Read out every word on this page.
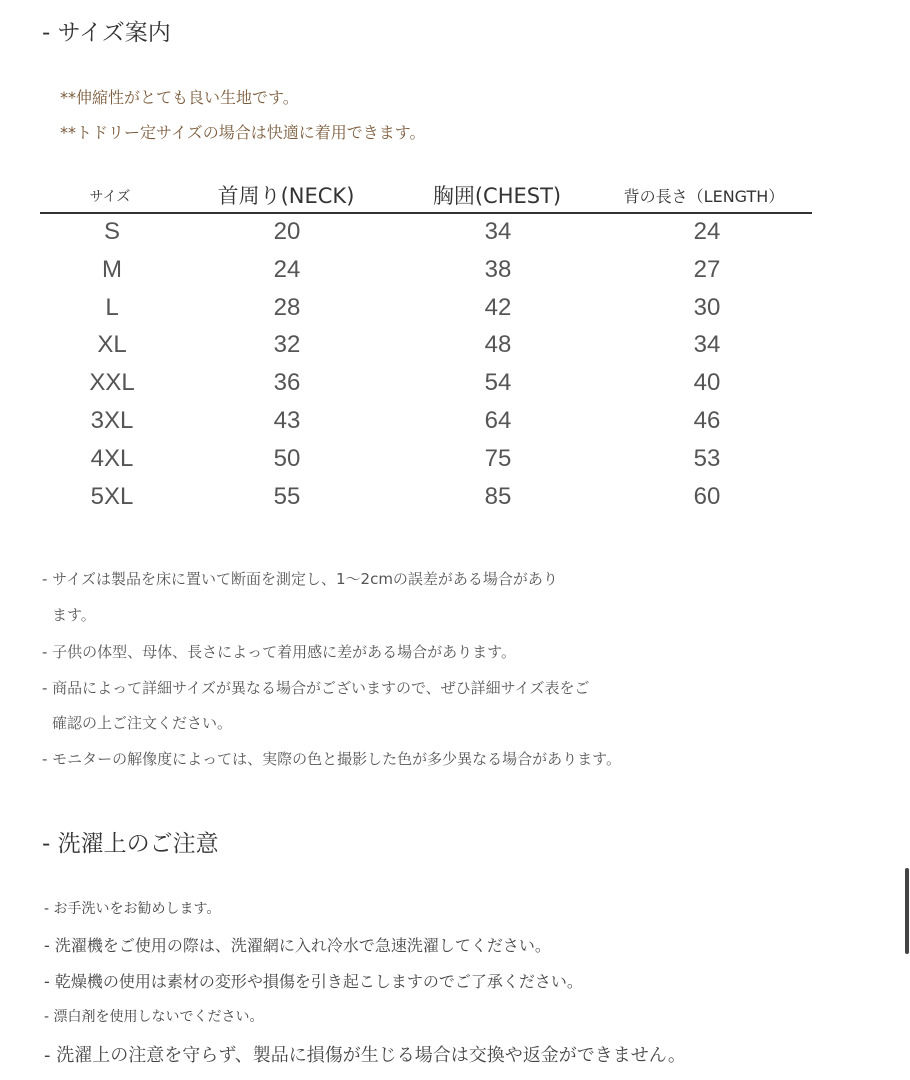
- サイズ案内
**伸縮性がとても良い生地です。
**トドリー定サイズの場合は快適に着用できます。
サイズ	首周り(NECK)	胸囲(CHEST)	背の長さ（LENGTH）
S	20	34	24
M	24	38	27
L	28	42	30
XL	32	48	34
XXL	36	54	40
3XL	43	64	46
4XL	50	75	53
5XL	55	85	60
- サイズは製品を床に置いて断面を測定し、1〜2cmの誤差がある場合があり
ます。
- 子供の体型、母体、長さによって着用感に差がある場合があります。
- 商品によって詳細サイズが異なる場合がございますので、ぜひ詳細サイズ表をご
確認の上ご注文ください。
- モニターの解像度によっては、実際の色と撮影した色が多少異なる場合があります。
- 洗濯上のご注意
- お手洗いをお勧めします。
- 洗濯機をご使用の際は、洗濯網に入れ冷水で急速洗濯してください。
- 乾燥機の使用は素材の変形や損傷を引き起こしますのでご了承ください。
- 漂白剤を使用しないでください。
- 洗濯上の注意を守らず、製品に損傷が生じる場合は交換や返金ができません。
